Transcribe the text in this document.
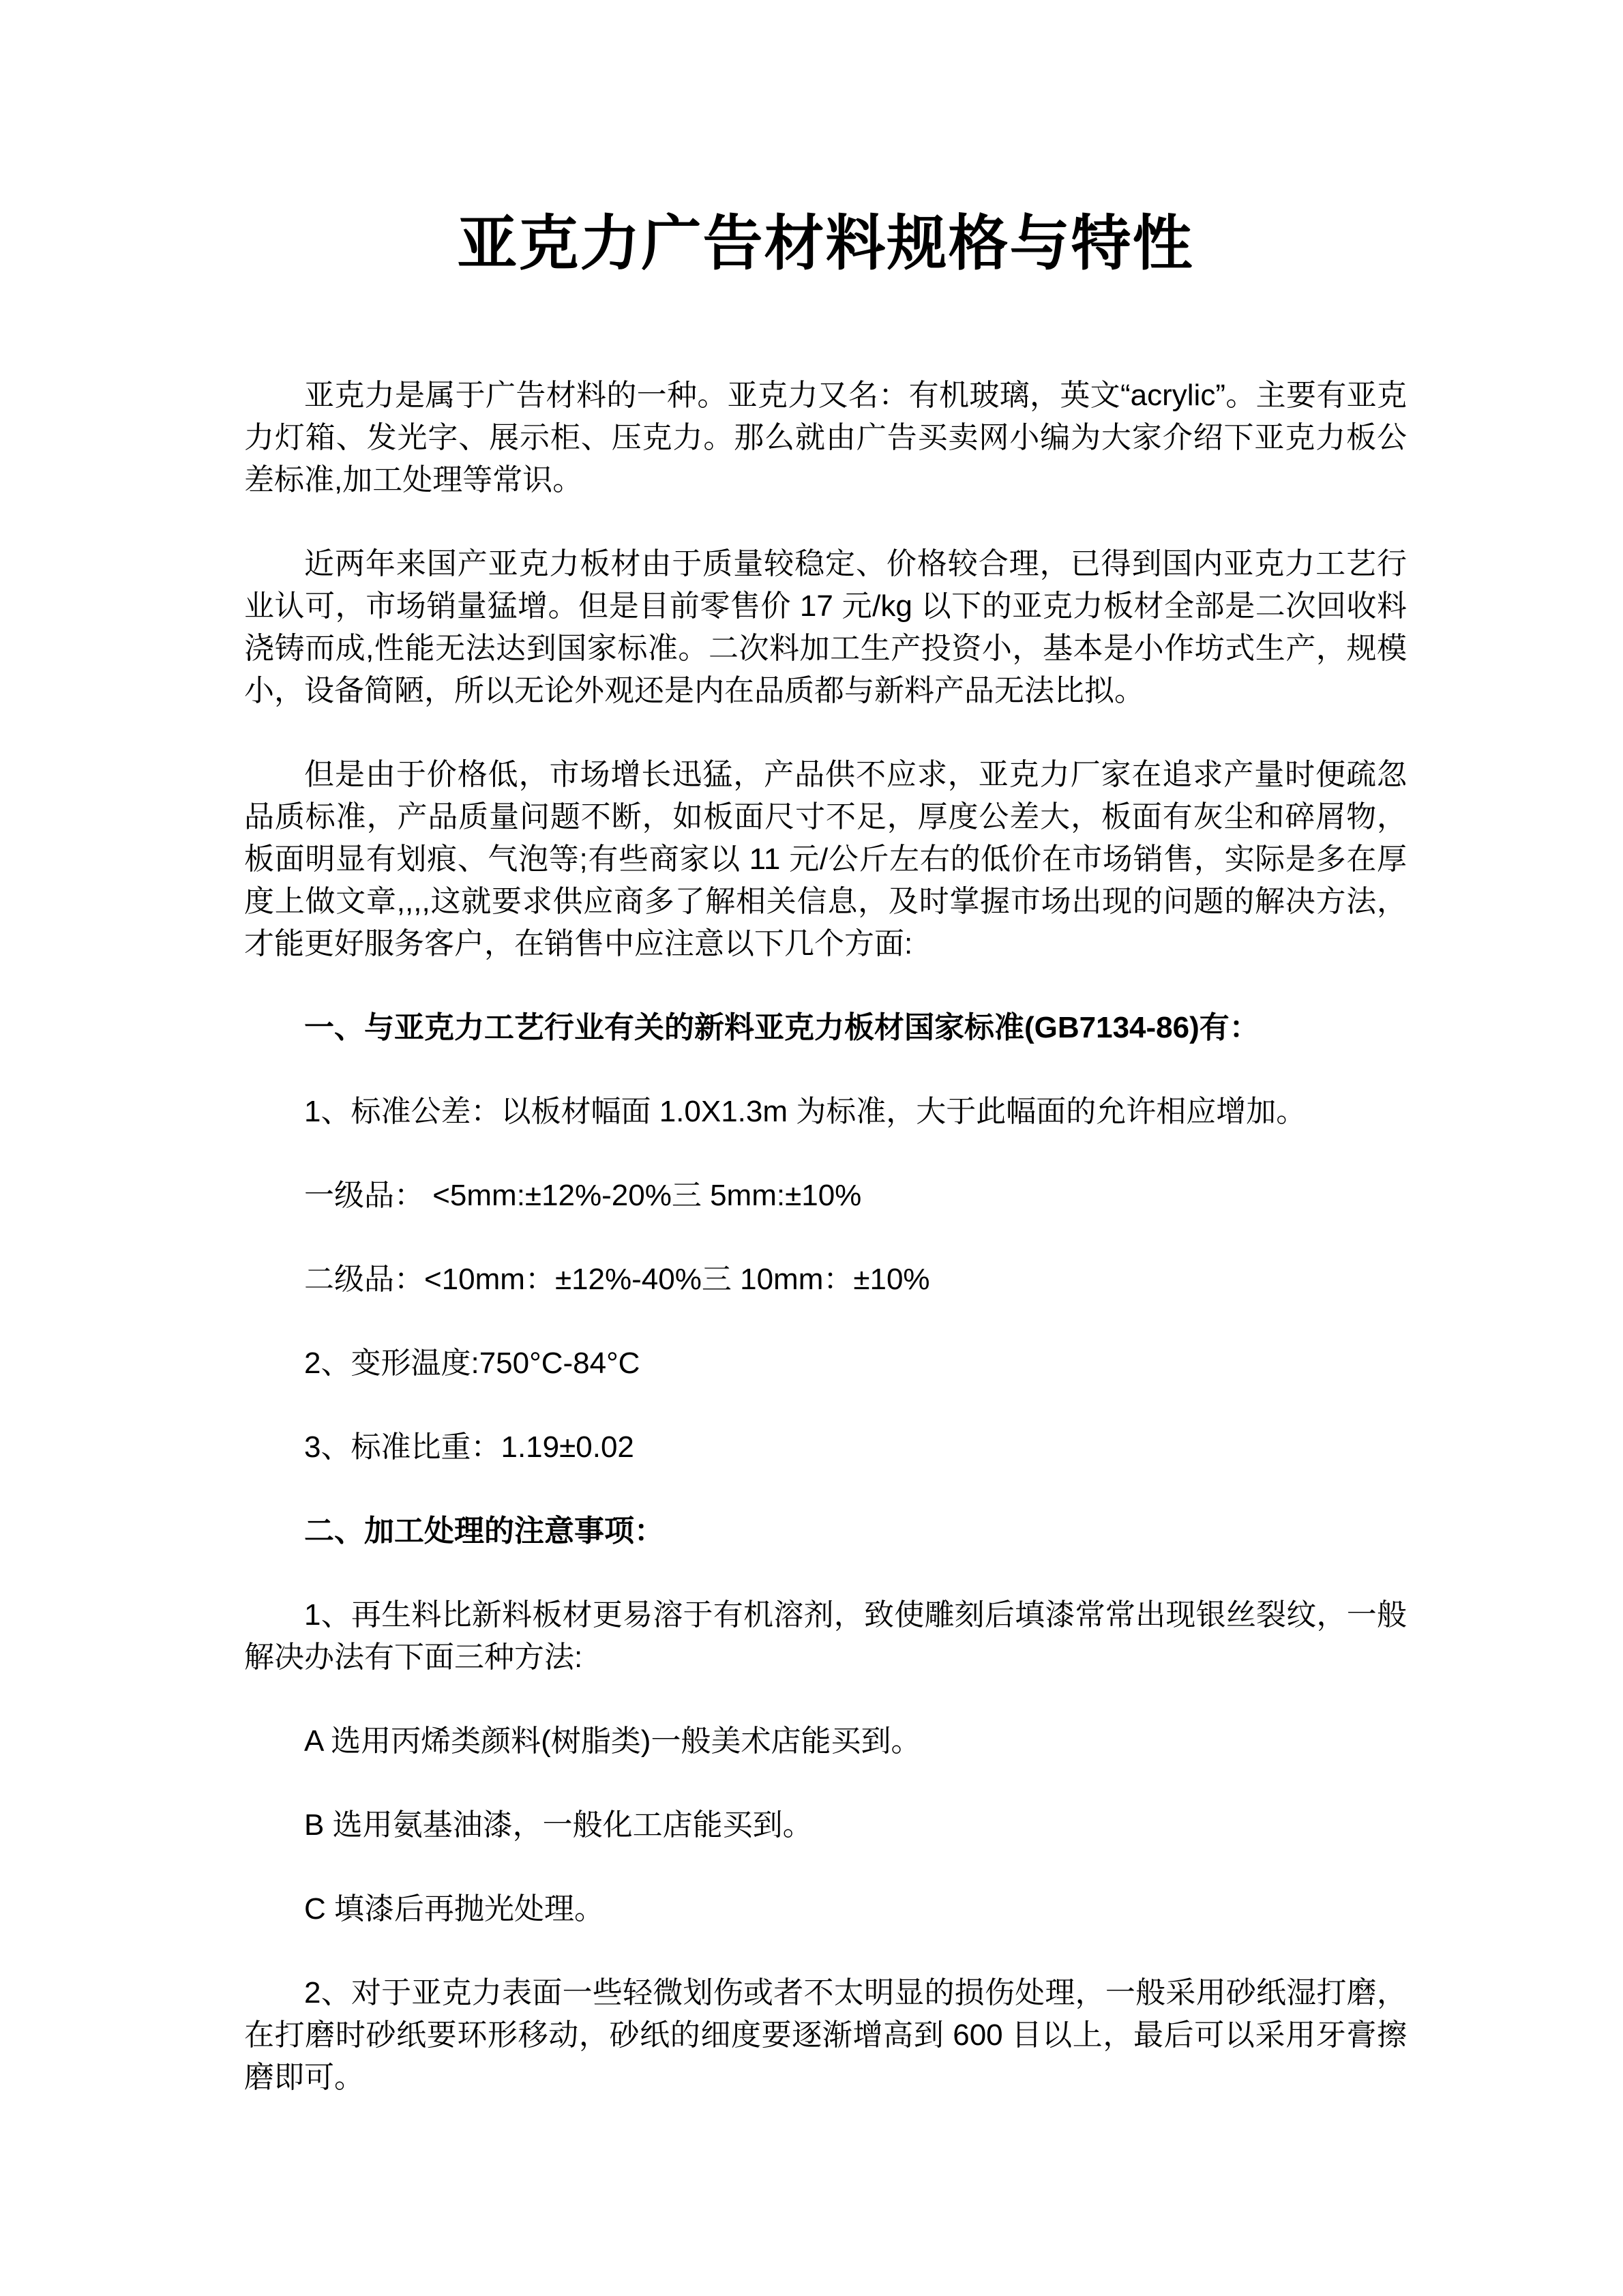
亚克力广告材料规格与特性

亚克力是属于广告材料的一种。亚克力又名：有机玻璃，英文“acrylic”。主要有亚克力灯箱、发光字、展示柜、压克力。那么就由广告买卖网小编为大家介绍下亚克力板公差标准,加工处理等常识。

近两年来国产亚克力板材由于质量较稳定、价格较合理，已得到国内亚克力工艺行业认可，市场销量猛增。但是目前零售价 17 元/kg 以下的亚克力板材全部是二次回收料浇铸而成,性能无法达到国家标准。二次料加工生产投资小，基本是小作坊式生产，规模小，设备简陋，所以无论外观还是内在品质都与新料产品无法比拟。

但是由于价格低，市场增长迅猛，产品供不应求，亚克力厂家在追求产量时便疏忽品质标准，产品质量问题不断，如板面尺寸不足，厚度公差大，板面有灰尘和碎屑物，板面明显有划痕、气泡等;有些商家以 11 元/公斤左右的低价在市场销售，实际是多在厚度上做文章,,,,这就要求供应商多了解相关信息，及时掌握市场出现的问题的解决方法，才能更好服务客户，在销售中应注意以下几个方面:

一、与亚克力工艺行业有关的新料亚克力板材国家标准(GB7134-86)有：

1、标准公差：以板材幅面 1.0X1.3m 为标准，大于此幅面的允许相应增加。

一级品： <5mm:±12%-20%三 5mm:±10%

二级品：<10mm：±12%-40%三 10mm：±10%

2、变形温度:750°C-84°C

3、标准比重：1.19±0.02

二、加工处理的注意事项：

1、再生料比新料板材更易溶于有机溶剂，致使雕刻后填漆常常出现银丝裂纹，一般解决办法有下面三种方法:

A 选用丙烯类颜料(树脂类)一般美术店能买到。

B 选用氨基油漆，一般化工店能买到。

C 填漆后再抛光处理。

2、对于亚克力表面一些轻微划伤或者不太明显的损伤处理，一般采用砂纸湿打磨，在打磨时砂纸要环形移动，砂纸的细度要逐渐增高到 600 目以上，最后可以采用牙膏擦磨即可。
